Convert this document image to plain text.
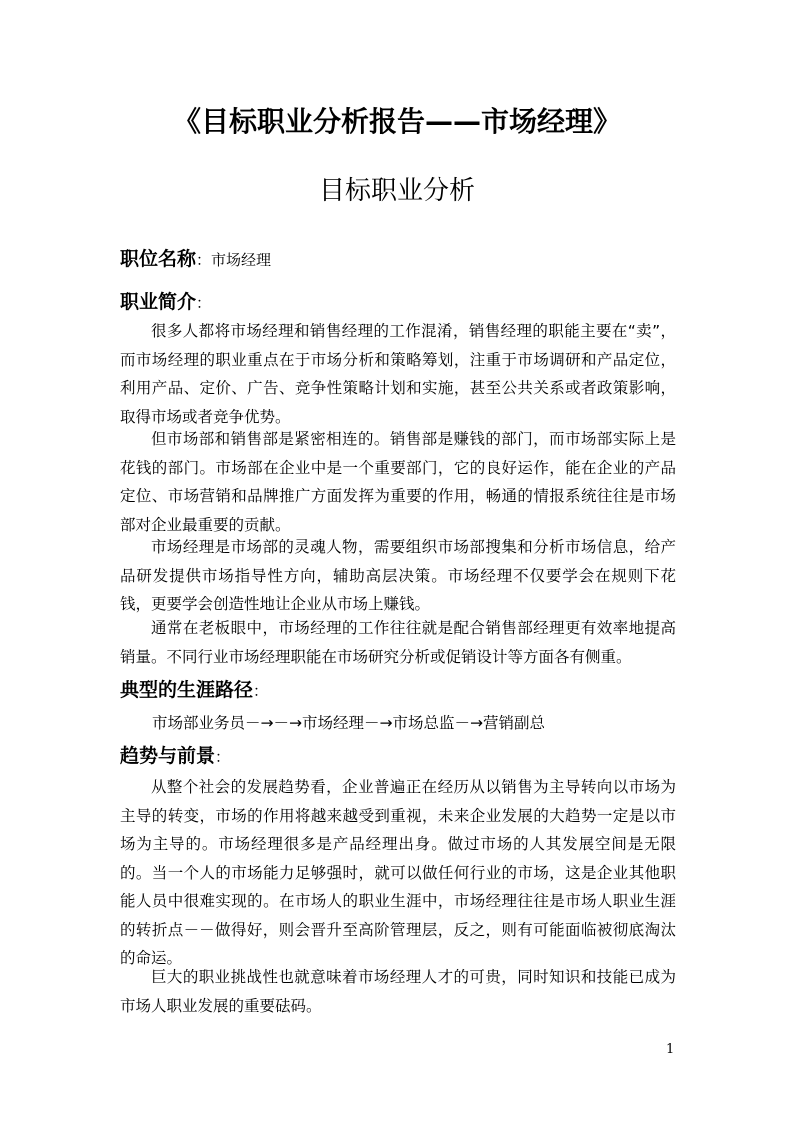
《目标职业分析报告——市场经理》
目标职业分析
职位名称：市场经理
职业简介：
很多人都将市场经理和销售经理的工作混淆，销售经理的职能主要在“卖”，而市场经理的职业重点在于市场分析和策略筹划，注重于市场调研和产品定位，利用产品、定价、广告、竞争性策略计划和实施，甚至公共关系或者政策影响，取得市场或者竞争优势。
但市场部和销售部是紧密相连的。销售部是赚钱的部门，而市场部实际上是花钱的部门。市场部在企业中是一个重要部门，它的良好运作，能在企业的产品定位、市场营销和品牌推广方面发挥为重要的作用，畅通的情报系统往往是市场部对企业最重要的贡献。
市场经理是市场部的灵魂人物，需要组织市场部搜集和分析市场信息，给产品研发提供市场指导性方向，辅助高层决策。市场经理不仅要学会在规则下花钱，更要学会创造性地让企业从市场上赚钱。
通常在老板眼中，市场经理的工作往往就是配合销售部经理更有效率地提高销量。不同行业市场经理职能在市场研究分析或促销设计等方面各有侧重。
典型的生涯路径：
市场部业务员－→－→市场经理－→市场总监－→营销副总
趋势与前景：
从整个社会的发展趋势看，企业普遍正在经历从以销售为主导转向以市场为主导的转变，市场的作用将越来越受到重视，未来企业发展的大趋势一定是以市场为主导的。市场经理很多是产品经理出身。做过市场的人其发展空间是无限的。当一个人的市场能力足够强时，就可以做任何行业的市场，这是企业其他职能人员中很难实现的。在市场人的职业生涯中，市场经理往往是市场人职业生涯的转折点－－做得好，则会晋升至高阶管理层，反之，则有可能面临被彻底淘汰的命运。
巨大的职业挑战性也就意味着市场经理人才的可贵，同时知识和技能已成为市场人职业发展的重要砝码。
1
